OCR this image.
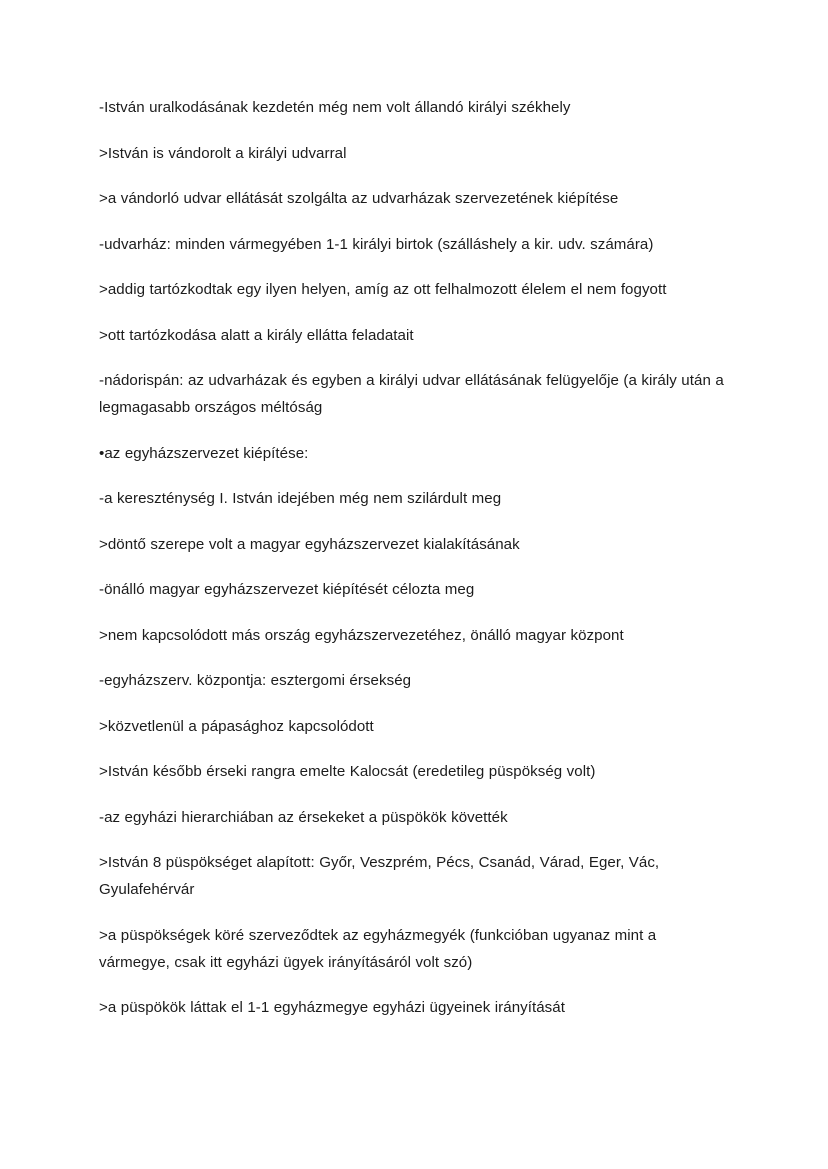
-István uralkodásának kezdetén még nem volt állandó királyi székhely

>István is vándorolt a királyi udvarral

>a vándorló udvar ellátását szolgálta az udvarházak szervezetének kiépítése

-udvarház: minden vármegyében 1-1 királyi birtok (szálláshely a kir. udv. számára)

>addig tartózkodtak egy ilyen helyen, amíg az ott felhalmozott élelem el nem fogyott

>ott tartózkodása alatt a király ellátta feladatait

-nádorispán: az udvarházak és egyben a királyi udvar ellátásának felügyelője (a király után a legmagasabb országos méltóság

•az egyházszervezet kiépítése:

-a kereszténység I. István idejében még nem szilárdult meg

>döntő szerepe volt a magyar egyházszervezet kialakításának

-önálló magyar egyházszervezet kiépítését célozta meg

>nem kapcsolódott más ország egyházszervezetéhez, önálló magyar központ

-egyházszerv. központja: esztergomi érsekség

>közvetlenül a pápasághoz kapcsolódott

>István később érseki rangra emelte Kalocsát (eredetileg püspökség volt)

-az egyházi hierarchiában az érsekeket a püspökök követték

>István 8 püspökséget alapított: Győr, Veszprém, Pécs, Csanád, Várad, Eger, Vác, Gyulafehérvár

>a püspökségek köré szerveződtek az egyházmegyék (funkcióban ugyanaz mint a vármegye, csak itt egyházi ügyek irányításáról volt szó)

>a püspökök láttak el 1-1 egyházmegye egyházi ügyeinek irányítását
